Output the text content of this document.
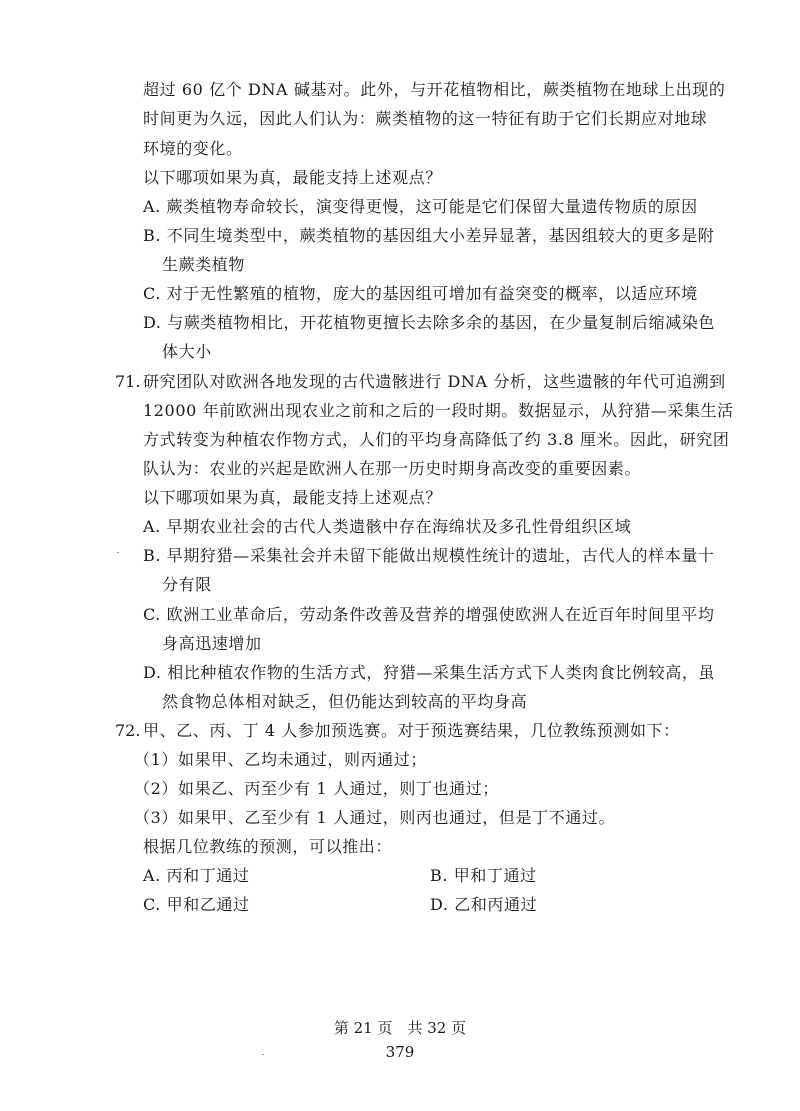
超过 60 亿个 DNA 碱基对。此外，与开花植物相比，蕨类植物在地球上出现的
时间更为久远，因此人们认为：蕨类植物的这一特征有助于它们长期应对地球
环境的变化。
以下哪项如果为真，最能支持上述观点？
A. 蕨类植物寿命较长，演变得更慢，这可能是它们保留大量遗传物质的原因
B. 不同生境类型中，蕨类植物的基因组大小差异显著，基因组较大的更多是附
生蕨类植物
C. 对于无性繁殖的植物，庞大的基因组可增加有益突变的概率，以适应环境
D. 与蕨类植物相比，开花植物更擅长去除多余的基因，在少量复制后缩减染色
体大小
71. 研究团队对欧洲各地发现的古代遗骸进行 DNA 分析，这些遗骸的年代可追溯到
12000 年前欧洲出现农业之前和之后的一段时期。数据显示，从狩猎—采集生活
方式转变为种植农作物方式，人们的平均身高降低了约 3.8 厘米。因此，研究团
队认为：农业的兴起是欧洲人在那一历史时期身高改变的重要因素。
以下哪项如果为真，最能支持上述观点？
A. 早期农业社会的古代人类遗骸中存在海绵状及多孔性骨组织区域
B. 早期狩猎—采集社会并未留下能做出规模性统计的遗址，古代人的样本量十
分有限
C. 欧洲工业革命后，劳动条件改善及营养的增强使欧洲人在近百年时间里平均
身高迅速增加
D. 相比种植农作物的生活方式，狩猎—采集生活方式下人类肉食比例较高，虽
然食物总体相对缺乏，但仍能达到较高的平均身高
72. 甲、乙、丙、丁 4 人参加预选赛。对于预选赛结果，几位教练预测如下：
（1）如果甲、乙均未通过，则丙通过；
（2）如果乙、丙至少有 1 人通过，则丁也通过；
（3）如果甲、乙至少有 1 人通过，则丙也通过，但是丁不通过。
根据几位教练的预测，可以推出：
A. 丙和丁通过	B. 甲和丁通过
C. 甲和乙通过	D. 乙和丙通过
第 21 页　共 32 页
379
